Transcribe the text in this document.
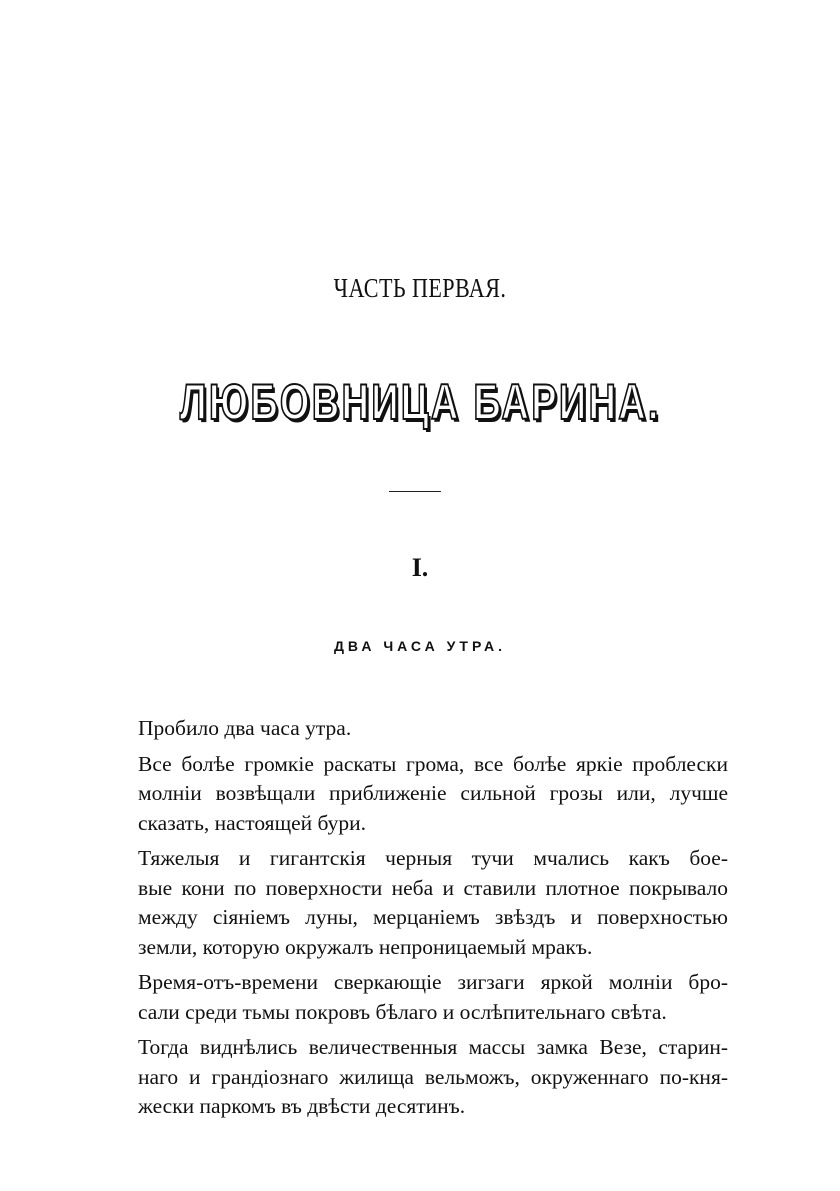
ЧАСТЬ ПЕРВАЯ.
ЛЮБОВНИЦА БАРИНА.
I.
ДВА ЧАСА УТРА.
Пробило два часа утра.
Все болѣе громкіе раскаты грома, все болѣе яркіе проблески
молніи возвѣщали приближеніе сильной грозы или, лучше
сказать, настоящей бури.
Тяжелыя и гигантскія черныя тучи мчались какъ бое-
вые кони по поверхности неба и ставили плотное покрывало
между сіяніемъ луны, мерцаніемъ звѣздъ и поверхностью
земли, которую окружалъ непроницаемый мракъ.
Время-отъ-времени сверкающіе зигзаги яркой молніи бро-
сали среди тьмы покровъ бѣлаго и ослѣпительнаго свѣта.
Тогда виднѣлись величественныя массы замка Везе, старин-
наго и грандіознаго жилища вельможъ, окруженнаго по-кня-
жески паркомъ въ двѣсти десятинъ.
